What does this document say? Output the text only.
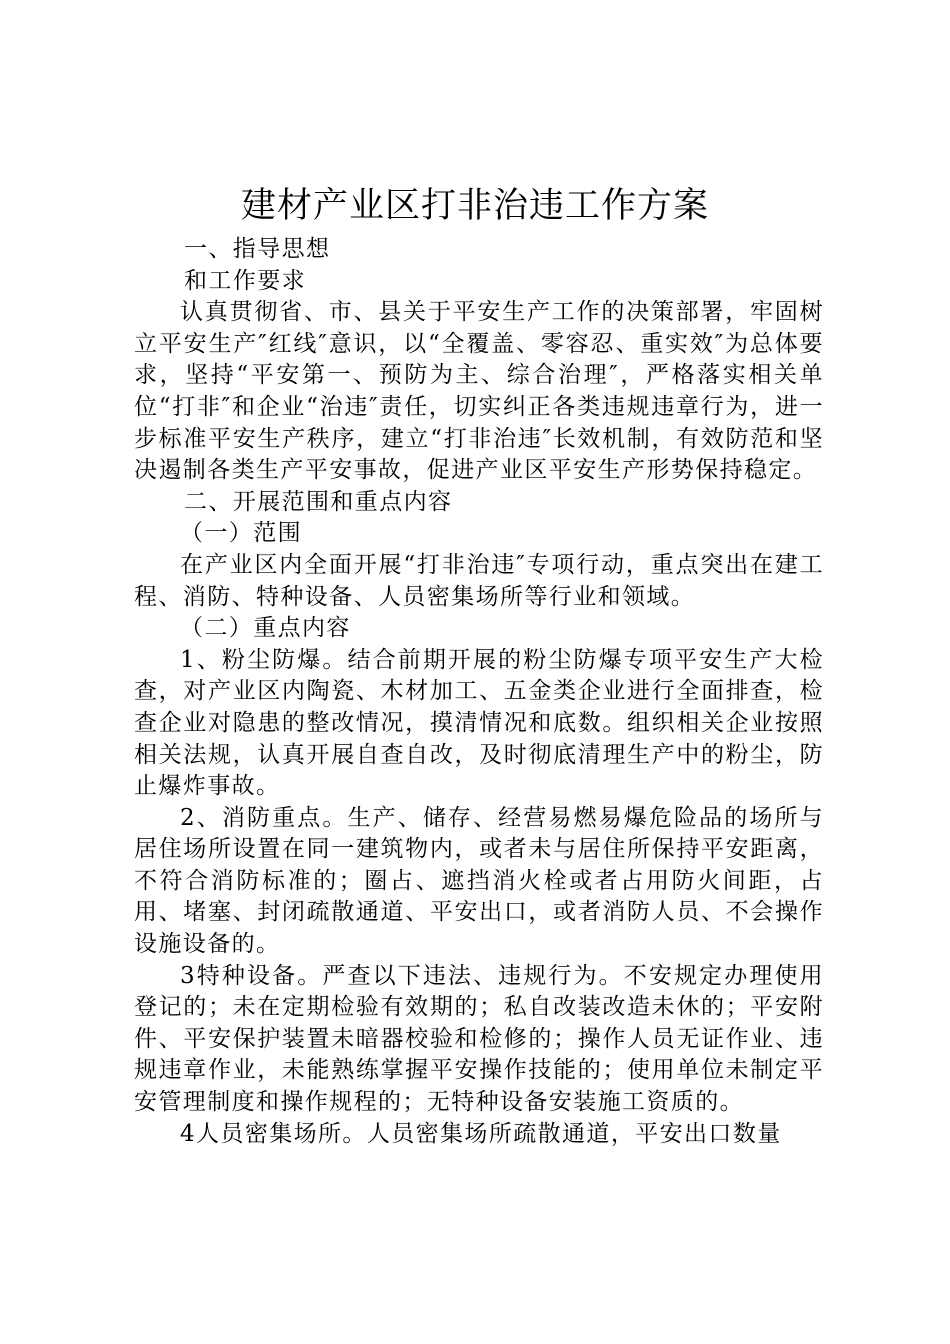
建材产业区打非治违工作方案

一、指导思想

和工作要求

认真贯彻省、市、县关于平安生产工作的决策部署，牢固树立平安生产″红线″意识，以“全覆盖、零容忍、重实效″为总体要求，坚持“平安第一、预防为主、综合治理″，严格落实相关单位“打非″和企业“治违″责任，切实纠正各类违规违章行为，进一步标准平安生产秩序，建立“打非治违″长效机制，有效防范和坚决遏制各类生产平安事故，促进产业区平安生产形势保持稳定。

二、开展范围和重点内容

（一）范围

在产业区内全面开展“打非治违″专项行动，重点突出在建工程、消防、特种设备、人员密集场所等行业和领域。

（二）重点内容

1、粉尘防爆。结合前期开展的粉尘防爆专项平安生产大检查，对产业区内陶瓷、木材加工、五金类企业进行全面排查，检查企业对隐患的整改情况，摸清情况和底数。组织相关企业按照相关法规，认真开展自查自改，及时彻底清理生产中的粉尘，防止爆炸事故。

2、消防重点。生产、储存、经营易燃易爆危险品的场所与居住场所设置在同一建筑物内，或者未与居住所保持平安距离，不符合消防标准的；圈占、遮挡消火栓或者占用防火间距，占用、堵塞、封闭疏散通道、平安出口，或者消防人员、不会操作设施设备的。

3特种设备。严查以下违法、违规行为。不安规定办理使用登记的；未在定期检验有效期的；私自改装改造未休的；平安附件、平安保护装置未暗器校验和检修的；操作人员无证作业、违规违章作业，未能熟练掌握平安操作技能的；使用单位未制定平安管理制度和操作规程的；无特种设备安装施工资质的。

4人员密集场所。人员密集场所疏散通道，平安出口数量
